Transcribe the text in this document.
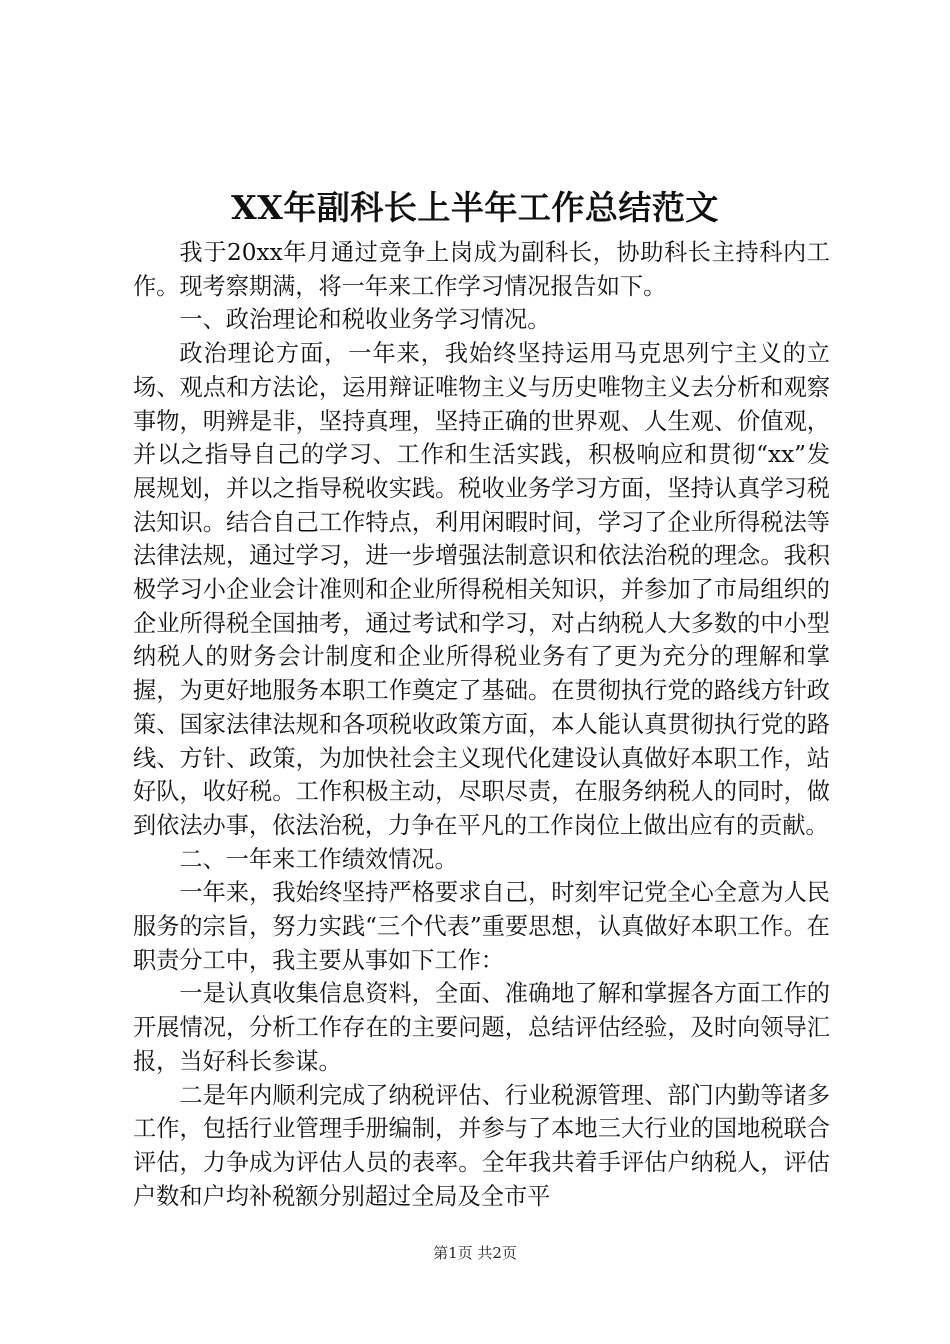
XX年副科长上半年工作总结范文

我于20xx年月通过竞争上岗成为副科长，协助科长主持科内工作。现考察期满，将一年来工作学习情况报告如下。

一、政治理论和税收业务学习情况。

政治理论方面，一年来，我始终坚持运用马克思列宁主义的立场、观点和方法论，运用辩证唯物主义与历史唯物主义去分析和观察事物，明辨是非，坚持真理，坚持正确的世界观、人生观、价值观，并以之指导自己的学习、工作和生活实践，积极响应和贯彻“xx”发展规划，并以之指导税收实践。税收业务学习方面，坚持认真学习税法知识。结合自己工作特点，利用闲暇时间，学习了企业所得税法等法律法规，通过学习，进一步增强法制意识和依法治税的理念。我积极学习小企业会计准则和企业所得税相关知识，并参加了市局组织的企业所得税全国抽考，通过考试和学习，对占纳税人大多数的中小型纳税人的财务会计制度和企业所得税业务有了更为充分的理解和掌握，为更好地服务本职工作奠定了基础。在贯彻执行党的路线方针政策、国家法律法规和各项税收政策方面，本人能认真贯彻执行党的路线、方针、政策，为加快社会主义现代化建设认真做好本职工作，站好队，收好税。工作积极主动，尽职尽责，在服务纳税人的同时，做到依法办事，依法治税，力争在平凡的工作岗位上做出应有的贡献。

二、一年来工作绩效情况。

一年来，我始终坚持严格要求自己，时刻牢记党全心全意为人民服务的宗旨，努力实践“三个代表”重要思想，认真做好本职工作。在职责分工中，我主要从事如下工作：

一是认真收集信息资料，全面、准确地了解和掌握各方面工作的开展情况，分析工作存在的主要问题，总结评估经验，及时向领导汇报，当好科长参谋。

二是年内顺利完成了纳税评估、行业税源管理、部门内勤等诸多工作，包括行业管理手册编制，并参与了本地三大行业的国地税联合评估，力争成为评估人员的表率。全年我共着手评估户纳税人，评估户数和户均补税额分别超过全局及全市平

第1页 共2页
